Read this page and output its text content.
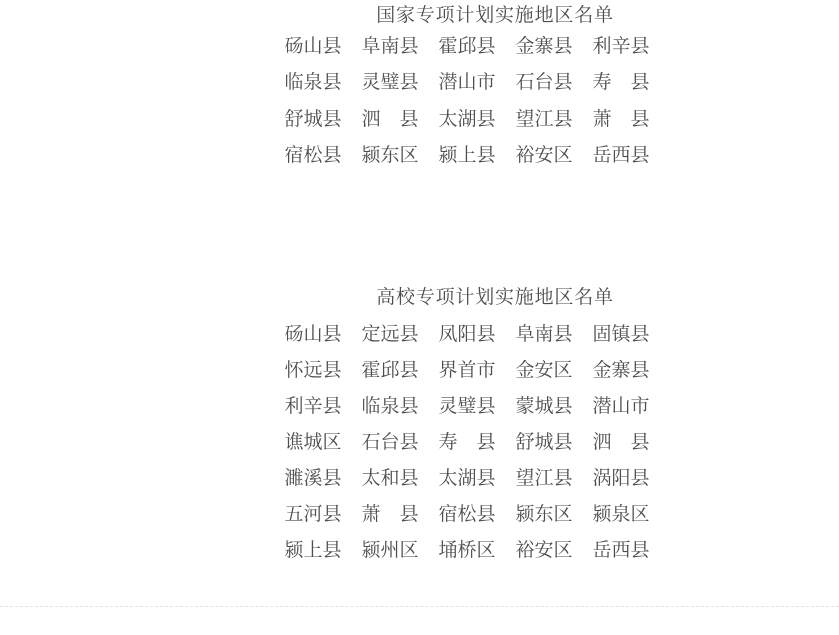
国家专项计划实施地区名单
砀山县 阜南县 霍邱县 金寨县 利辛县
临泉县 灵璧县 潜山市 石台县 寿　县
舒城县 泗　县 太湖县 望江县 萧　县
宿松县 颍东区 颍上县 裕安区 岳西县
高校专项计划实施地区名单
砀山县 定远县 凤阳县 阜南县 固镇县
怀远县 霍邱县 界首市 金安区 金寨县
利辛县 临泉县 灵璧县 蒙城县 潜山市
谯城区 石台县 寿　县 舒城县 泗　县
濉溪县 太和县 太湖县 望江县 涡阳县
五河县 萧　县 宿松县 颍东区 颍泉区
颍上县 颍州区 埇桥区 裕安区 岳西县
